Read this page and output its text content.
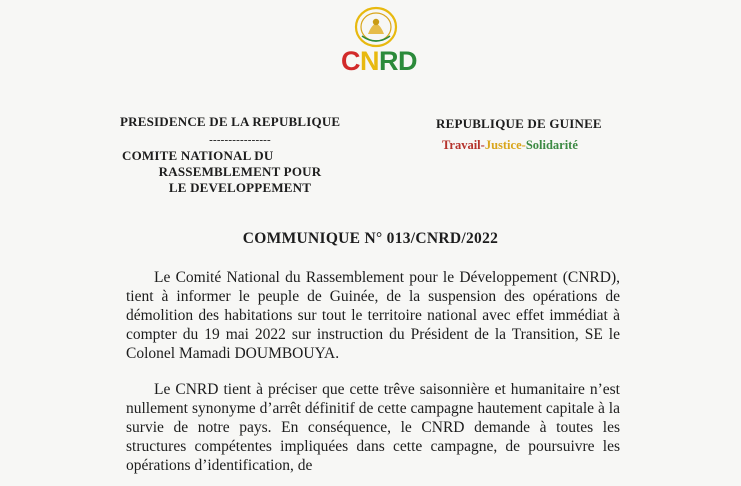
CNRD
PRESIDENCE DE LA REPUBLIQUE
----------------
COMITE NATIONAL DU
RASSEMBLEMENT POUR
LE DEVELOPPEMENT
REPUBLIQUE DE GUINEE
Travail-Justice-Solidarité
COMMUNIQUE N° 013/CNRD/2022
Le Comité National du Rassemblement pour le Développement (CNRD), tient à informer le peuple de Guinée, de la suspension des opérations de démolition des habitations sur tout le territoire national avec effet immédiat à compter du 19 mai 2022 sur instruction du Président de la Transition, SE le Colonel Mamadi DOUMBOUYA.
Le CNRD tient à préciser que cette trêve saisonnière et humanitaire n’est nullement synonyme d’arrêt définitif de cette campagne hautement capitale à la survie de notre pays. En conséquence, le CNRD demande à toutes les structures compétentes impliquées dans cette campagne, de poursuivre les opérations d’identification, de
